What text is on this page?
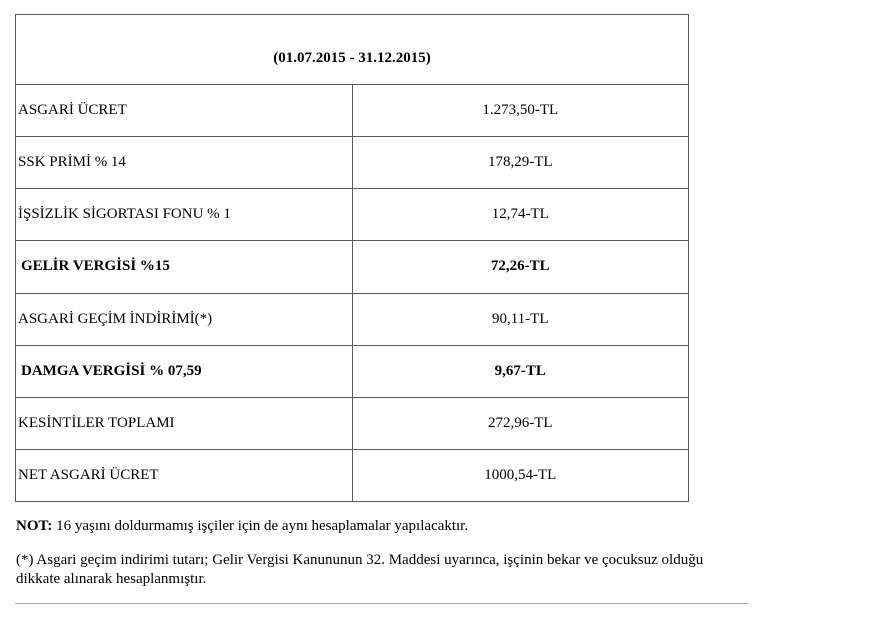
(01.07.2015 - 31.12.2015)	
ASGARİ ÜCRET	1.273,50-TL
SSK PRİMİ % 14	178,29-TL
İŞSİZLİK SİGORTASI FONU % 1	12,74-TL
GELİR VERGİSİ %15	72,26-TL
ASGARİ GEÇİM İNDİRİMİ(*)	90,11-TL
DAMGA VERGİSİ % 07,59	9,67-TL
KESİNTİLER TOPLAMI	272,96-TL
NET ASGARİ ÜCRET	1000,54-TL

NOT: 16 yaşını doldurmamış işçiler için de aynı hesaplamalar yapılacaktır.

(*) Asgari geçim indirimi tutarı; Gelir Vergisi Kanununun 32. Maddesi uyarınca, işçinin bekar ve çocuksuz olduğu dikkate alınarak hesaplanmıştır.
